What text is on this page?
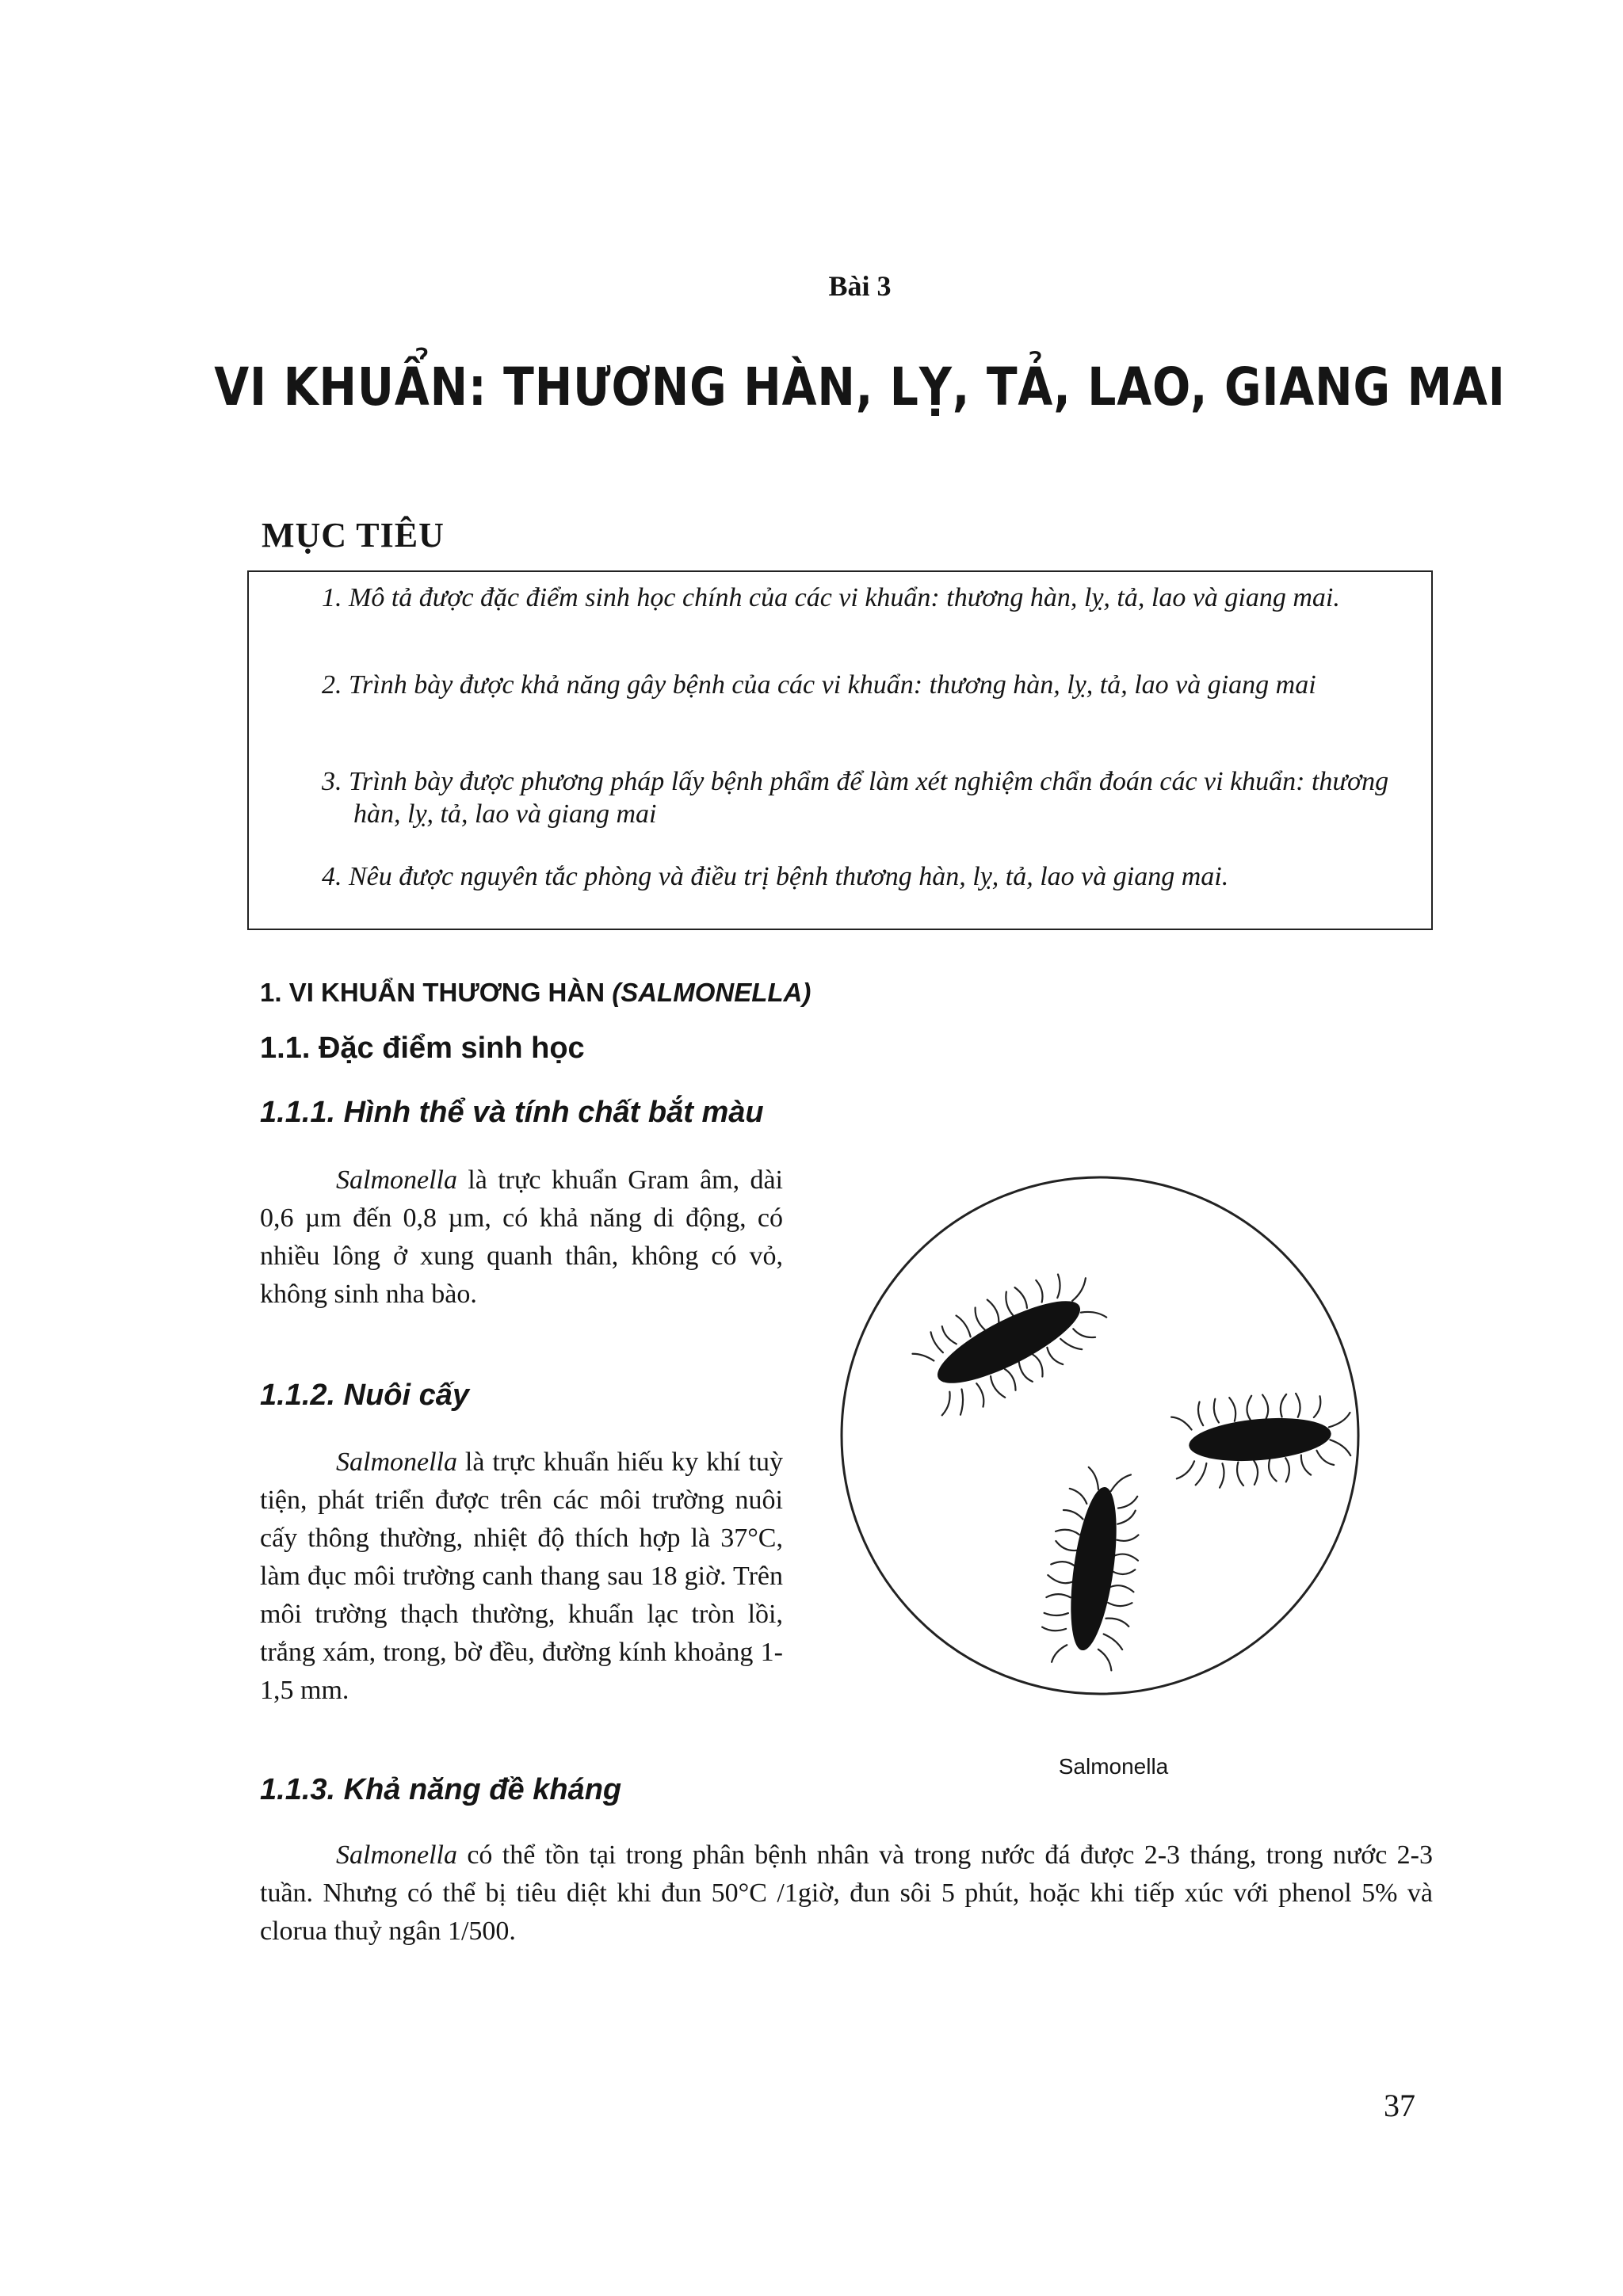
Bài 3
VI KHUẨN: THƯƠNG HÀN, LỴ, TẢ, LAO, GIANG MAI
MỤC TIÊU
1. Mô tả được đặc điểm sinh học chính của các vi khuẩn: thương hàn, lỵ, tả, lao và giang mai.
2. Trình bày được khả năng gây bệnh của các vi khuẩn: thương hàn, lỵ, tả, lao và giang mai
3. Trình bày được phương pháp lấy bệnh phẩm để làm xét nghiệm chẩn đoán các vi khuẩn: thương hàn, lỵ, tả, lao và giang mai
4. Nêu được nguyên tắc phòng và điều trị bệnh thương hàn, lỵ, tả, lao và giang mai.
1. VI KHUẨN THƯƠNG HÀN (SALMONELLA)
1.1. Đặc điểm sinh học
1.1.1. Hình thể và tính chất bắt màu
Salmonella là trực khuẩn Gram âm, dài 0,6 µm đến 0,8 µm, có khả năng di động, có nhiều lông ở xung quanh thân, không có vỏ, không sinh nha bào.
1.1.2. Nuôi cấy
Salmonella là trực khuẩn hiếu ky khí tuỳ tiện, phát triển được trên các môi trường nuôi cấy thông thường, nhiệt độ thích hợp là 37°C, làm đục môi trường canh thang sau 18 giờ. Trên môi trường thạch thường, khuẩn lạc tròn lồi, trắng xám, trong, bờ đều, đường kính khoảng 1-1,5 mm.
1.1.3. Khả năng đề kháng
Salmonella có thể tồn tại trong phân bệnh nhân và trong nước đá được 2-3 tháng, trong nước 2-3 tuần. Nhưng có thể bị tiêu diệt khi đun 50°C /1giờ, đun sôi 5 phút, hoặc khi tiếp xúc với phenol 5% và clorua thuỷ ngân 1/500.
Salmonella
37
